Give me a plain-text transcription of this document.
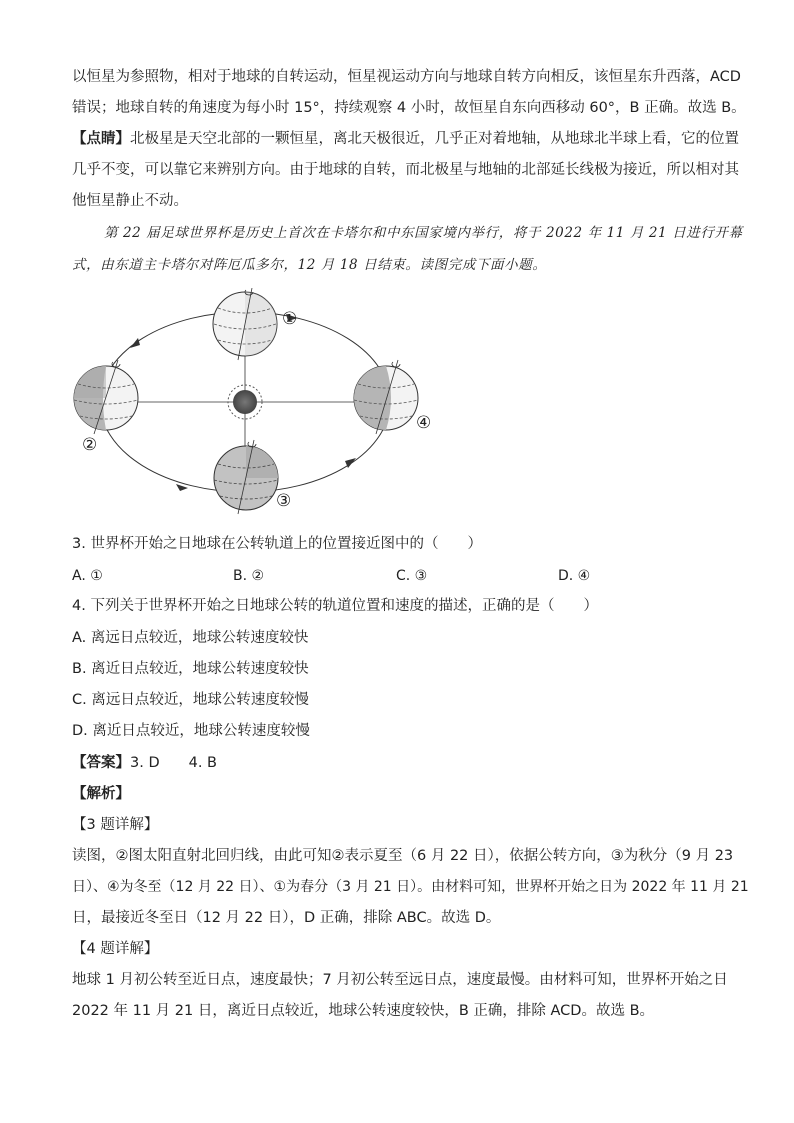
以恒星为参照物，相对于地球的自转运动，恒星视运动方向与地球自转方向相反，该恒星东升西落，ACD
错误；地球自转的角速度为每小时 15°，持续观察 4 小时，故恒星自东向西移动 60°，B 正确。故选 B。
【点睛】北极星是天空北部的一颗恒星，离北天极很近，几乎正对着地轴，从地球北半球上看，它的位置
几乎不变，可以靠它来辨别方向。由于地球的自转，而北极星与地轴的北部延长线极为接近，所以相对其
他恒星静止不动。
第 22 届足球世界杯是历史上首次在卡塔尔和中东国家境内举行，将于 2022 年 11 月 21 日进行开幕
式，由东道主卡塔尔对阵厄瓜多尔，12 月 18 日结束。读图完成下面小题。
①
②
③
④
3. 世界杯开始之日地球在公转轨道上的位置接近图中的（　　）
A. ①	B. ②	C. ③	D. ④
4. 下列关于世界杯开始之日地球公转的轨道位置和速度的描述，正确的是（　　）
A. 离远日点较近，地球公转速度较快
B. 离近日点较近，地球公转速度较快
C. 离远日点较近，地球公转速度较慢
D. 离近日点较近，地球公转速度较慢
【答案】3. D　　4. B
【解析】
【3 题详解】
读图，②图太阳直射北回归线，由此可知②表示夏至（6 月 22 日），依据公转方向，③为秋分（9 月 23
日）、④为冬至（12 月 22 日）、①为春分（3 月 21 日）。由材料可知，世界杯开始之日为 2022 年 11 月 21
日，最接近冬至日（12 月 22 日），D 正确，排除 ABC。故选 D。
【4 题详解】
地球 1 月初公转至近日点，速度最快；7 月初公转至远日点，速度最慢。由材料可知，世界杯开始之日
2022 年 11 月 21 日，离近日点较近，地球公转速度较快，B 正确，排除 ACD。故选 B。
